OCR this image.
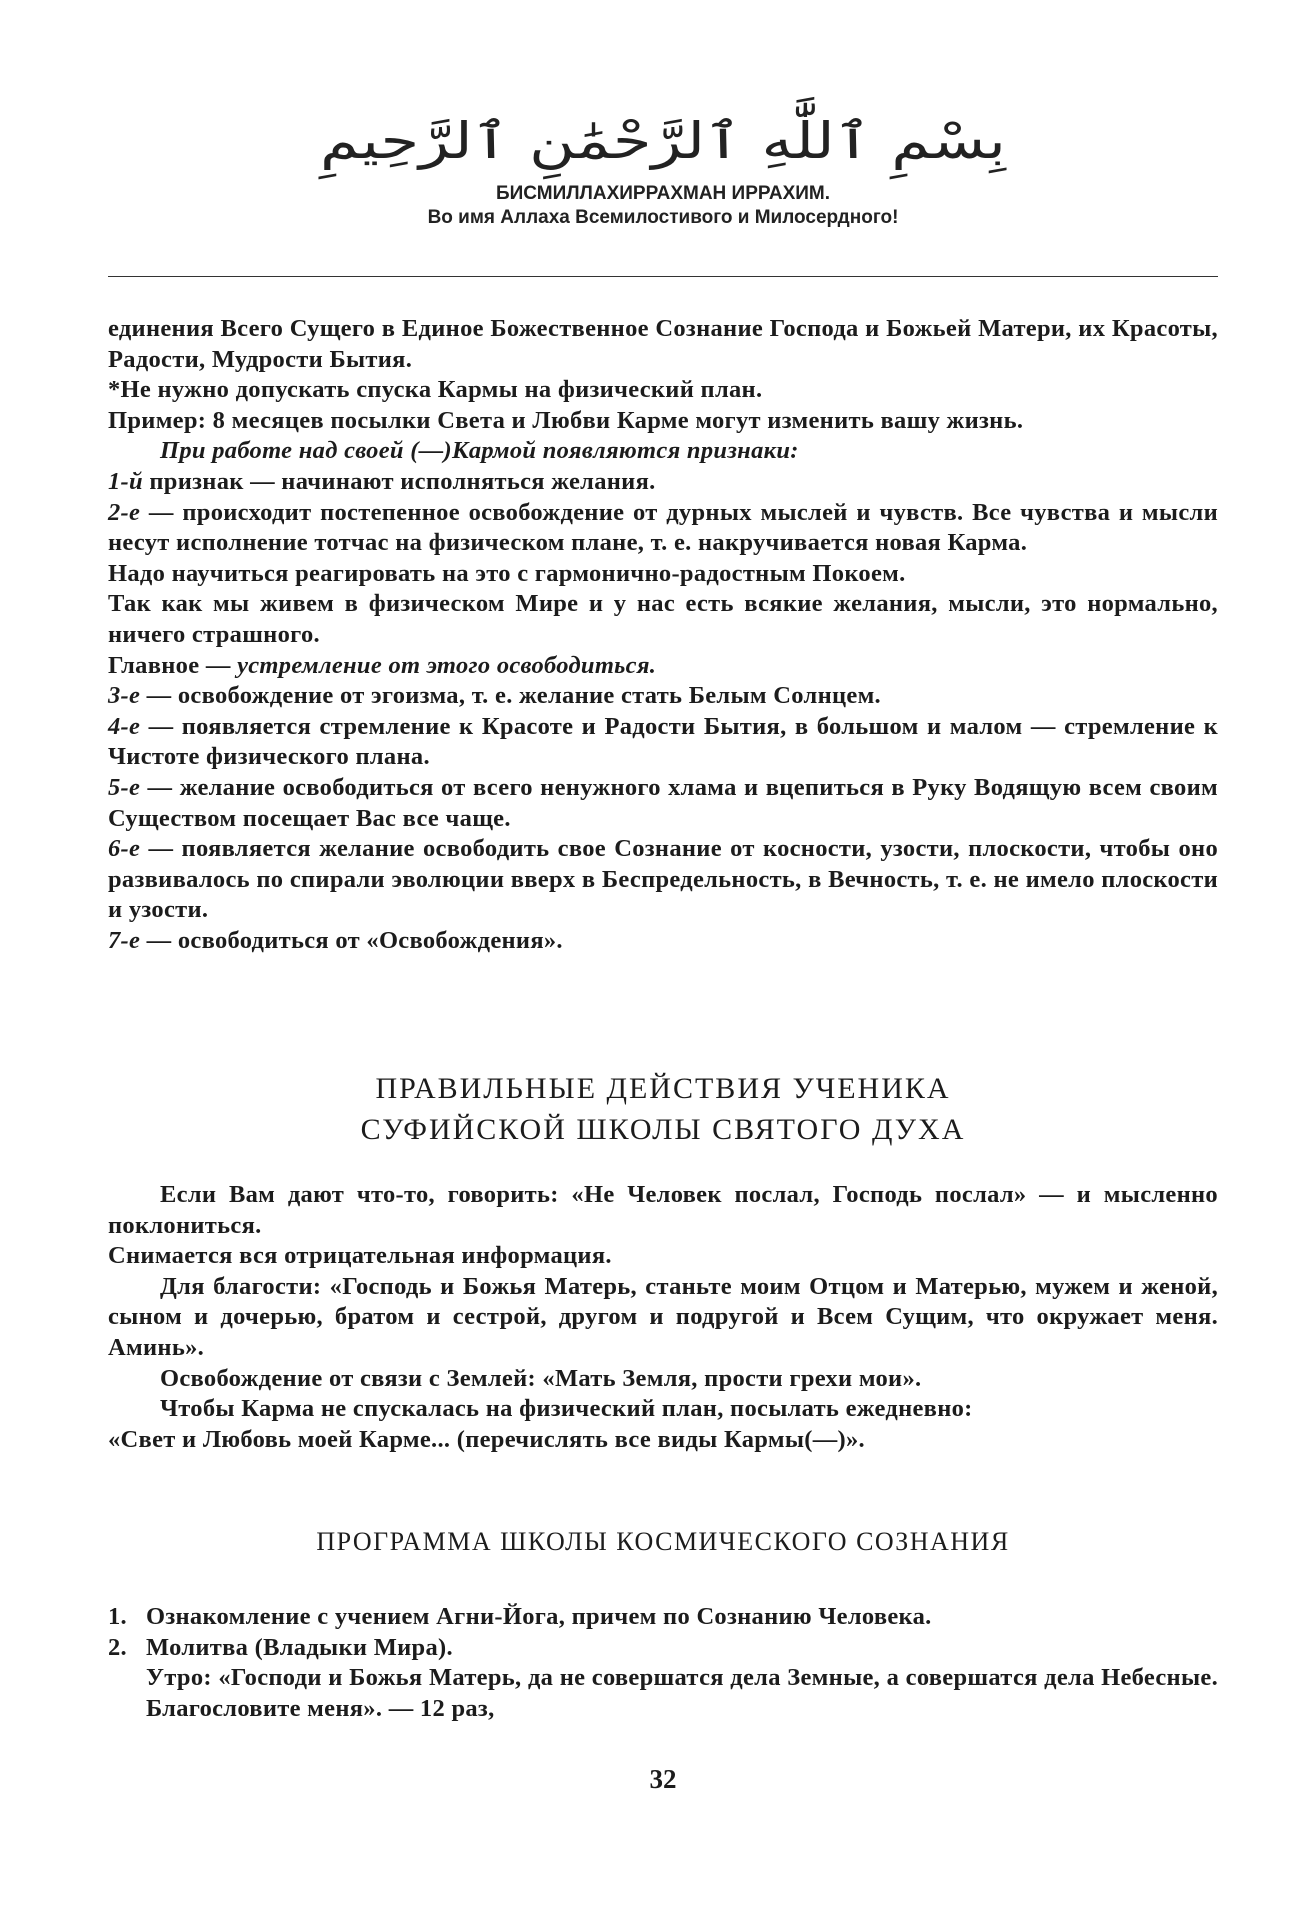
بِسْمِ ٱللَّٰهِ ٱلرَّحْمَٰنِ ٱلرَّحِيمِ
БИСМИЛЛАХИРРАХМАН ИРРАХИМ.
Во имя Аллаха Всемилостивого и Милосердного!

единения Всего Сущего в Единое Божественное Сознание Господа и Божьей Матери, их Красоты, Радости, Мудрости Бытия.

*Не нужно допускать спуска Кармы на физический план.

Пример: 8 месяцев посылки Света и Любви Карме могут изменить вашу жизнь.

При работе над своей (—)Кармой появляются признаки:

1-й признак — начинают исполняться желания.

2-е — происходит постепенное освобождение от дурных мыслей и чувств. Все чувства и мысли несут исполнение тотчас на физическом плане, т. е. накручивается новая Карма.

Надо научиться реагировать на это с гармонично-радостным Покоем.

Так как мы живем в физическом Мире и у нас есть всякие желания, мысли, это нормально, ничего страшного.

Главное — устремление от этого освободиться.

3-е — освобождение от эгоизма, т. е. желание стать Белым Солнцем.

4-е — появляется стремление к Красоте и Радости Бытия, в большом и малом — стремление к Чистоте физического плана.

5-е — желание освободиться от всего ненужного хлама и вцепиться в Руку Водящую всем своим Существом посещает Вас все чаще.

6-е — появляется желание освободить свое Сознание от косности, узости, плоскости, чтобы оно развивалось по спирали эволюции вверх в Беспредельность, в Вечность, т. е. не имело плоскости и узости.

7-е — освободиться от «Освобождения».

ПРАВИЛЬНЫЕ ДЕЙСТВИЯ УЧЕНИКА
СУФИЙСКОЙ ШКОЛЫ СВЯТОГО ДУХА

Если Вам дают что-то, говорить: «Не Человек послал, Господь послал» — и мысленно поклониться.

Снимается вся отрицательная информация.

Для благости: «Господь и Божья Матерь, станьте моим Отцом и Матерью, мужем и женой, сыном и дочерью, братом и сестрой, другом и подругой и Всем Сущим, что окружает меня. Аминь».

Освобождение от связи с Землей: «Мать Земля, прости грехи мои».

Чтобы Карма не спускалась на физический план, посылать ежедневно:

«Свет и Любовь моей Карме... (перечислять все виды Кармы(—)».

ПРОГРАММА ШКОЛЫ КОСМИЧЕСКОГО СОЗНАНИЯ
1. Ознакомление с учением Агни-Йога, причем по Сознанию Человека.
2. Молитва (Владыки Мира).

Утро: «Господи и Божья Матерь, да не совершатся дела Земные, а совершатся дела Небесные. Благословите меня». — 12 раз,

32
